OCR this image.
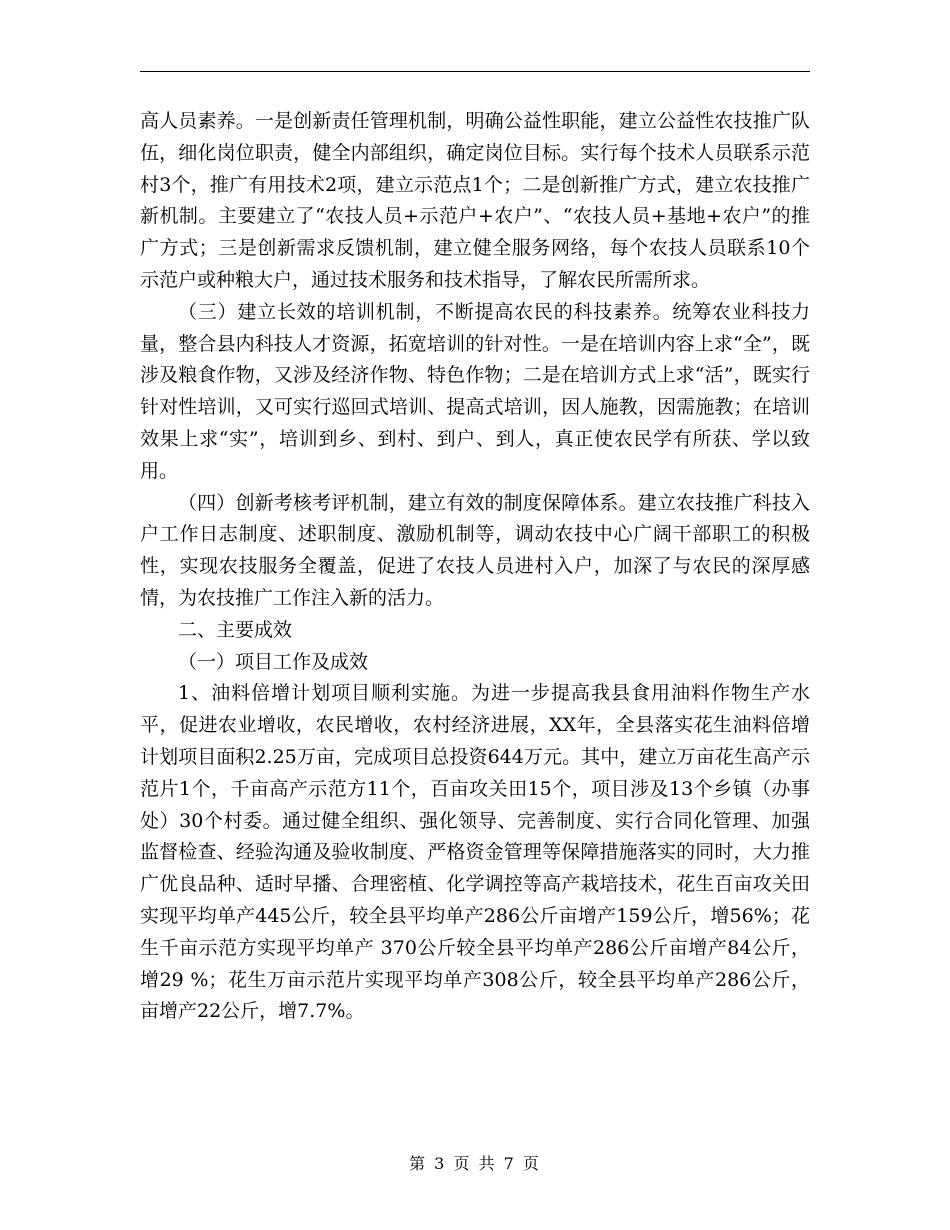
高人员素养。一是创新责任管理机制，明确公益性职能，建立公益性农技推广队伍，细化岗位职责，健全内部组织，确定岗位目标。实行每个技术人员联系示范村3个，推广有用技术2项，建立示范点1个；二是创新推广方式，建立农技推广新机制。主要建立了“农技人员+示范户+农户”、“农技人员+基地+农户”的推广方式；三是创新需求反馈机制，建立健全服务网络，每个农技人员联系10个示范户或种粮大户，通过技术服务和技术指导，了解农民所需所求。

（三）建立长效的培训机制，不断提高农民的科技素养。统筹农业科技力量，整合县内科技人才资源，拓宽培训的针对性。一是在培训内容上求“全”，既涉及粮食作物，又涉及经济作物、特色作物；二是在培训方式上求“活”，既实行针对性培训，又可实行巡回式培训、提高式培训，因人施教，因需施教；在培训效果上求“实”，培训到乡、到村、到户、到人，真正使农民学有所获、学以致用。

（四）创新考核考评机制，建立有效的制度保障体系。建立农技推广科技入户工作日志制度、述职制度、激励机制等，调动农技中心广阔干部职工的积极性，实现农技服务全覆盖，促进了农技人员进村入户，加深了与农民的深厚感情，为农技推广工作注入新的活力。

二、主要成效

（一）项目工作及成效

1、油料倍增计划项目顺利实施。为进一步提高我县食用油料作物生产水平，促进农业增收，农民增收，农村经济进展，XX年，全县落实花生油料倍增计划项目面积2.25万亩，完成项目总投资644万元。其中，建立万亩花生高产示范片1个，千亩高产示范方11个，百亩攻关田15个，项目涉及13个乡镇（办事处）30个村委。通过健全组织、强化领导、完善制度、实行合同化管理、加强监督检查、经验沟通及验收制度、严格资金管理等保障措施落实的同时，大力推广优良品种、适时早播、合理密植、化学调控等高产栽培技术，花生百亩攻关田实现平均单产445公斤，较全县平均单产286公斤亩增产159公斤，增56%；花生千亩示范方实现平均单产 370公斤较全县平均单产286公斤亩增产84公斤，增29 %；花生万亩示范片实现平均单产308公斤，较全县平均单产286公斤，亩增产22公斤，增7.7%。

第 3 页 共 7 页
